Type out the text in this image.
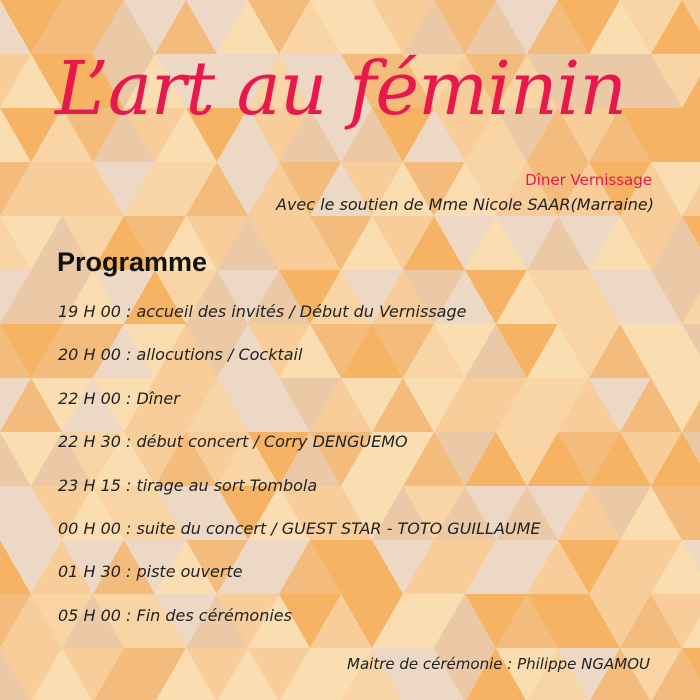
L’art au féminin
Dîner Vernissage
Avec le soutien de Mme Nicole SAAR(Marraine)
Programme
19 H 00 : accueil des invités / Début du Vernissage
20 H 00 : allocutions / Cocktail
22 H 00 : Dîner
22 H 30 : début concert / Corry DENGUEMO
23 H 15 : tirage au sort Tombola
00 H 00 : suite du concert / GUEST STAR - TOTO GUILLAUME
01 H 30 : piste ouverte
05 H 00 : Fin des cérémonies
Maitre de cérémonie : Philippe NGAMOU
